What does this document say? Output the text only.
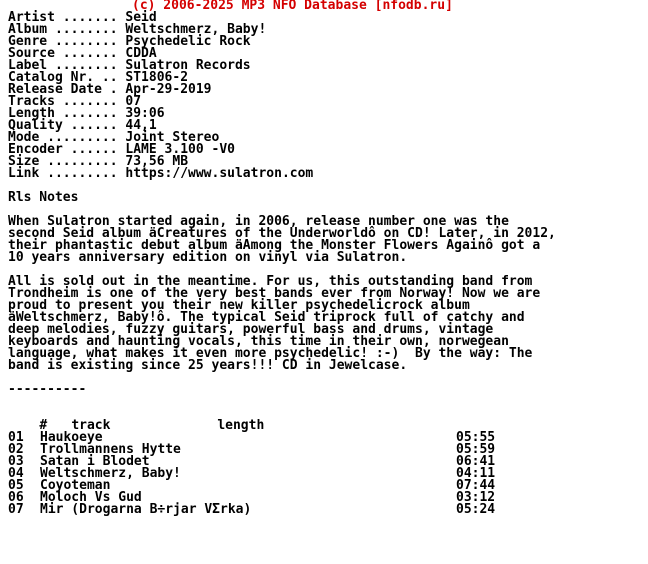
(c) 2006-2025 MP3 NFO Database [nfodb.ru]
Artist ....... Seid
Album ........ Weltschmerz, Baby!
Genre ........ Psychedelic Rock
Source ....... CDDA
Label ........ Sulatron Records
Catalog Nr. .. ST1806-2
Release Date . Apr-29-2019
Tracks ....... 07
Length ....... 39:06
Quality ...... 44,1
Mode ......... Joint Stereo
Encoder ...... LAME 3.100 -V0
Size ......... 73,56 MB
Link ......... https://www.sulatron.com
Rls Notes
When Sulatron started again, in 2006, release number one was the
second Seid album äCreatures of the Underworldô on CD! Later, in 2012,
their phantastic debut album äAmong the Monster Flowers Againô got a
10 years anniversary edition on vinyl via Sulatron.
All is sold out in the meantime. For us, this outstanding band from
Trondheim is one of the very best bands ever from Norway! Now we are
proud to present you their new killer psychedelicrock album
äWeltschmerz, Baby!ô. The typical Seid triprock full of catchy and
deep melodies, fuzzy guitars, powerful bass and drums, vintage
keyboards and haunting vocals, this time in their own, norwegean
language, what makes it even more psychedelic! :-)  By the way: The
band is existing since 25 years!!! CD in Jewelcase.
----------

# track	length

01 Haukoeye	05:55
02 Trollmannens Hytte	05:59
03 Satan i Blodet	06:41
04 Weltschmerz, Baby!	04:11
05 Coyoteman	07:44
06 Moloch Vs Gud	03:12
07 Mir (Drogarna B÷rjar VΣrka)	05:24
